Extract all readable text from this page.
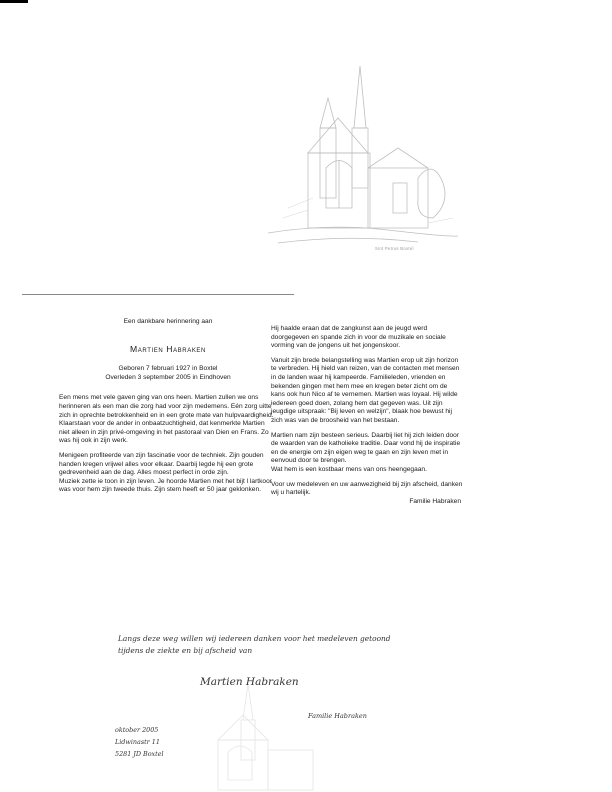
Sint Petrus Boxtel
Een dankbare herinnering aan
Martien Habraken
Geboren 7 februari 1927 in Boxtel
Overleden 3 september 2005 in Eindhoven

Een mens met vele gaven ging van ons heen. Martien zullen we ons herinneren als een man die zorg had voor zijn medemens. Eén zorg uitte zich in oprechte betrokkenheid en in een grote mate van hulpvaardigheid. Klaarstaan voor de ander in onbaatzuchtigheid, dat kenmerkte Martien niet alleen in zijn privé-omgeving in het pastoraal van Dien en Frans. Zo was hij ook in zijn werk.

Menigeen profiteerde van zijn fascinatie voor de techniek. Zijn gouden handen kregen vrijwel alles voor elkaar. Daarbij legde hij een grote gedrevenheid aan de dag. Alles moest perfect in orde zijn.

Muziek zette ie toon in zijn leven. Je hoorde Martien met het bijt l lartkoor was voor hem zijn tweede thuis. Zijn stem heeft er 50 jaar geklonken.

Hij haalde eraan dat de zangkunst aan de jeugd werd doorgegeven en spande zich in voor de muzikale en sociale vorming van de jongens uit het jongenskoor.

Vanuit zijn brede belangstelling was Martien erop uit zijn horizon te verbreden. Hij hield van reizen, van de contacten met mensen in de landen waar hij kampeerde. Familieleden, vrienden en bekenden gingen met hem mee en kregen beter zicht om de kans ook hun Nico af te vernemen. Martien was loyaal. Hij wilde iedereen goed doen, zolang hem dat gegeven was. Uit zijn jeugdige uitspraak: "Bij leven en welzijn", blaak hoe bewust hij zich was van de broosheid van het bestaan.

Martien nam zijn besteen serieus. Daarbij liet hij zich leiden door de waarden van de katholieke traditie. Daar vond hij de inspiratie en de energie om zijn eigen weg te gaan en zijn leven met in eenvoud door te brengen.

Wat hem is een kostbaar mens van ons heengegaan.

Voor uw medeleven en uw aanwezigheid bij zijn afscheid, danken wij u hartelijk.

Familie Habraken
Langs deze weg willen wij iedereen danken voor het medeleven getoond
tijdens de ziekte en bij afscheid van
Martien Habraken
Familie Habraken
oktober 2005
Lidwinastr 11
5281 JD Boxtel
